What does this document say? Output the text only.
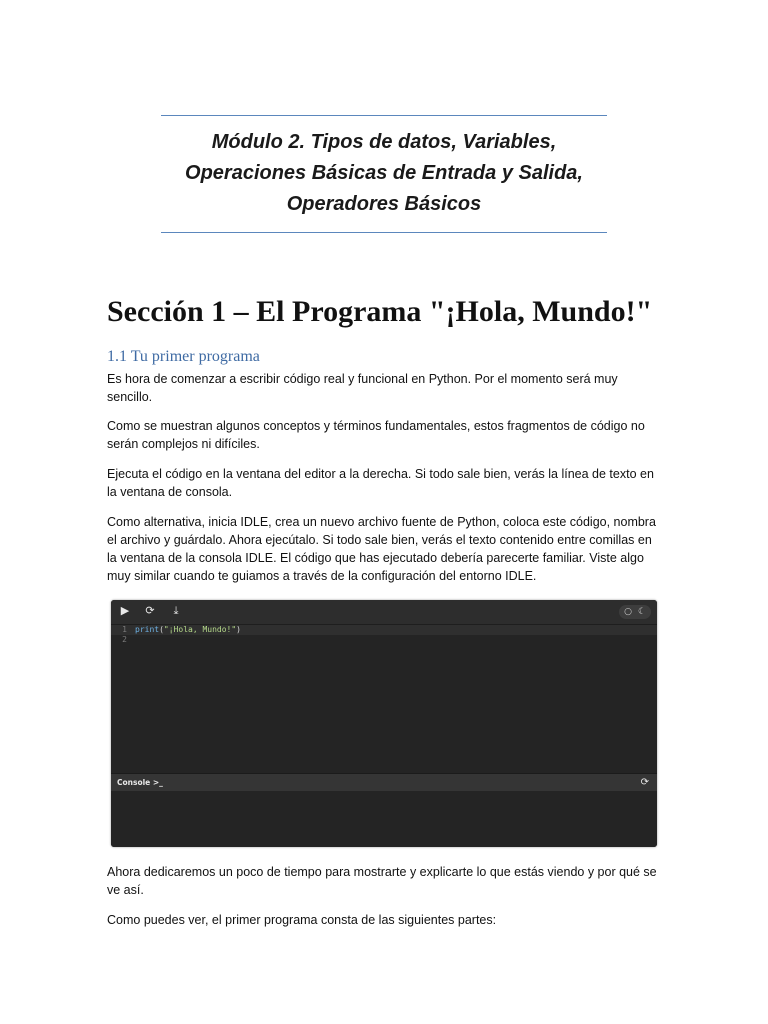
Módulo 2. Tipos de datos, Variables,
Operaciones Básicas de Entrada y Salida,
Operadores Básicos
Sección 1 – El Programa "¡Hola, Mundo!"
1.1 Tu primer programa

Es hora de comenzar a escribir código real y funcional en Python. Por el momento será muy sencillo.

Como se muestran algunos conceptos y términos fundamentales, estos fragmentos de código no serán complejos ni difíciles.

Ejecuta el código en la ventana del editor a la derecha. Si todo sale bien, verás la línea de texto en la ventana de consola.

Como alternativa, inicia IDLE, crea un nuevo archivo fuente de Python, coloca este código, nombra el archivo y guárdalo. Ahora ejecútalo. Si todo sale bien, verás el texto contenido entre comillas en la ventana de la consola IDLE. El código que has ejecutado debería parecerte familiar. Viste algo muy similar cuando te guiamos a través de la configuración del entorno IDLE.

▶ ⟳	⤓	○ ☾
1 print("¡Hola, Mundo!")
2
Console >_	⟳

Ahora dedicaremos un poco de tiempo para mostrarte y explicarte lo que estás viendo y por qué se ve así.

Como puedes ver, el primer programa consta de las siguientes partes:
